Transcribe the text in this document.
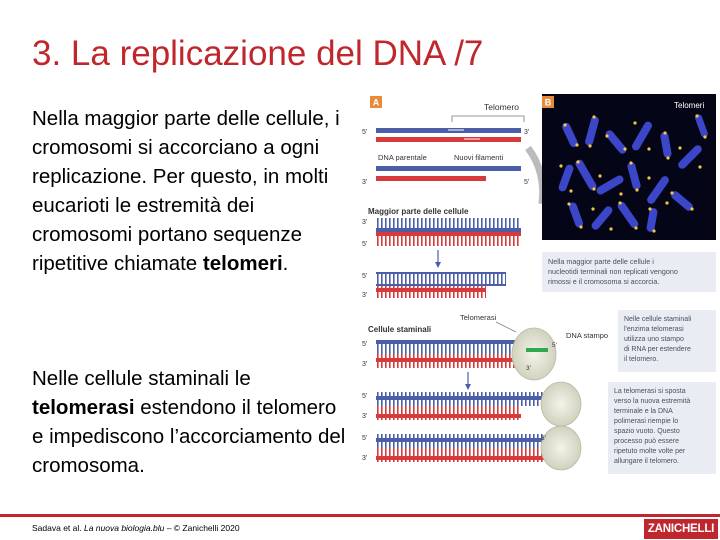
3. La replicazione del DNA /7
Nella maggior parte delle cellule, i cromosomi si accorciano a ogni replicazione. Per questo, in molti eucarioti le estremità dei cromosomi portano sequenze ripetitive chiamate telomeri.
Nelle cellule staminali le telomerasi estendono il telomero e impediscono l’accorciamento del cromosoma.
A	Telomero
5'	3'
DNA parentale	Nuovi filamenti
3'	5'
Maggior parte delle cellule
3'
5'
5'
3'
Nella maggior parte delle cellule i
nucleotidi terminali non replicati vengono
rimossi e il cromosoma si accorcia.
Cellule staminali
Telomerasi
DNA stampo
5'
3'
5'
3'
Nelle cellule staminali
l'enzima telomerasi
utilizza uno stampo
di RNA per estendere
il telomero.
5'
3'
5'
3'
3'
La telomerasi si sposta
verso la nuova estremità
terminale e la DNA
polimerasi riempie lo
spazio vuoto. Questo
processo può essere
ripetuto molte volte per
allungare il telomero.
B	Telomeri
Sadava et al. La nuova biologia.blu – © Zanichelli 2020	ZANICHELLI
